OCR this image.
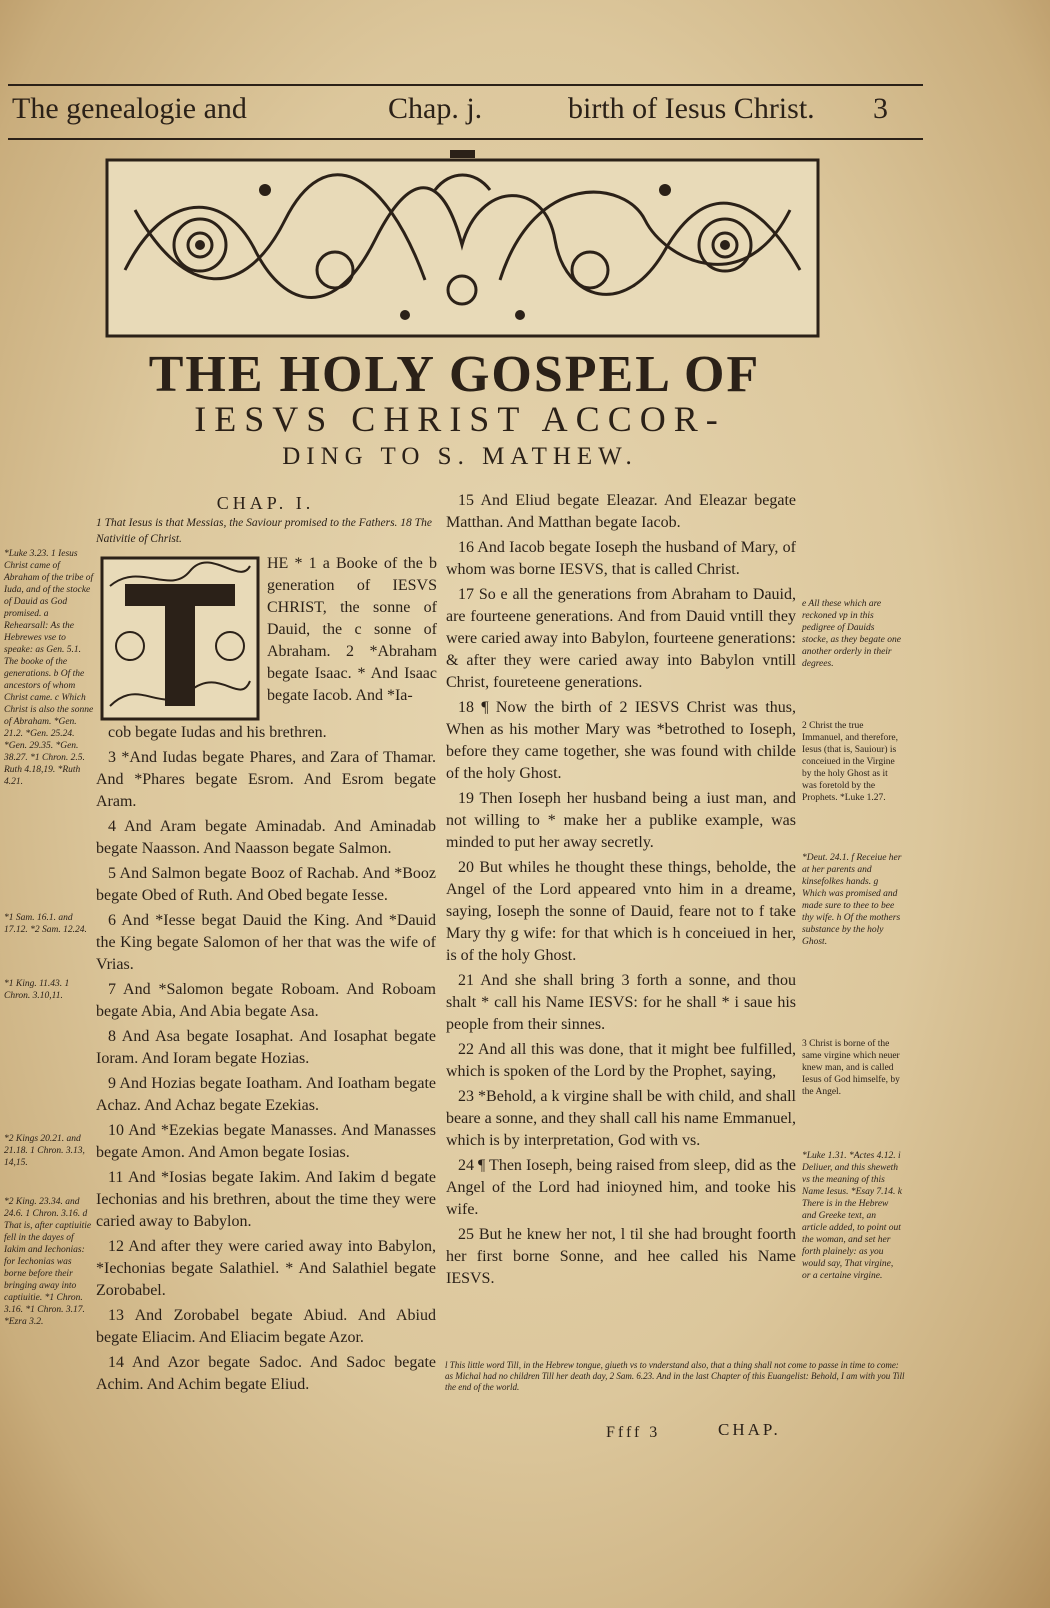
The genealogie and	Chap. j.	birth of Iesus Christ. 3
THE HOLY GOSPEL OF
IESVS CHRIST ACCOR-
DING TO S. MATHEW.
CHAP. I.
1 That Iesus is that Messias, the Saviour promised to the Fathers. 18 The Nativitie of Christ.
HE * 1 a Booke of the b generation of IESVS CHRIST, the sonne of Dauid, the c sonne of Abraham. 2 *Abraham begate Isaac. * And Isaac begate Iacob. And *Ia-

cob begate Iudas and his brethren.

3 *And Iudas begate Phares, and Zara of Thamar. And *Phares begate Esrom. And Esrom begate Aram.

4 And Aram begate Aminadab. And Aminadab begate Naasson. And Naasson begate Salmon.

5 And Salmon begate Booz of Rachab. And *Booz begate Obed of Ruth. And Obed begate Iesse.

6 And *Iesse begat Dauid the King. And *Dauid the King begate Salomon of her that was the wife of Vrias.

7 And *Salomon begate Roboam. And Roboam begate Abia, And Abia begate Asa.

8 And Asa begate Iosaphat. And Iosaphat begate Ioram. And Ioram begate Hozias.

9 And Hozias begate Ioatham. And Ioatham begate Achaz. And Achaz begate Ezekias.

10 And *Ezekias begate Manasses. And Manasses begate Amon. And Amon begate Iosias.

11 And *Iosias begate Iakim. And Iakim d begate Iechonias and his brethren, about the time they were caried away to Babylon.

12 And after they were caried away into Babylon, *Iechonias begate Salathiel. * And Salathiel begate Zorobabel.

13 And Zorobabel begate Abiud. And Abiud begate Eliacim. And Eliacim begate Azor.

14 And Azor begate Sadoc. And Sadoc begate Achim. And Achim begate Eliud.

15 And Eliud begate Eleazar. And Eleazar begate Matthan. And Matthan begate Iacob.

16 And Iacob begate Ioseph the husband of Mary, of whom was borne IESVS, that is called Christ.

17 So e all the generations from Abraham to Dauid, are fourteene generations. And from Dauid vntill they were caried away into Babylon, fourteene generations: & after they were caried away into Babylon vntill Christ, foureteene generations.

18 ¶ Now the birth of 2 IESVS Christ was thus, When as his mother Mary was *betrothed to Ioseph, before they came together, she was found with childe of the holy Ghost.

19 Then Ioseph her husband being a iust man, and not willing to * make her a publike example, was minded to put her away secretly.

20 But whiles he thought these things, beholde, the Angel of the Lord appeared vnto him in a dreame, saying, Ioseph the sonne of Dauid, feare not to f take Mary thy g wife: for that which is h conceiued in her, is of the holy Ghost.

21 And she shall bring 3 forth a sonne, and thou shalt * call his Name IESVS: for he shall * i saue his people from their sinnes.

22 And all this was done, that it might bee fulfilled, which is spoken of the Lord by the Prophet, saying,

23 *Behold, a k virgine shall be with child, and shall beare a sonne, and they shall call his name Emmanuel, which is by interpretation, God with vs.

24 ¶ Then Ioseph, being raised from sleep, did as the Angel of the Lord had inioyned him, and tooke his wife.

25 But he knew her not, l til she had brought foorth her first borne Sonne, and hee called his Name IESVS.

*Luke 3.23. 1 Iesus Christ came of Abraham of the tribe of Iuda, and of the stocke of Dauid as God promised. a Rehearsall: As the Hebrewes vse to speake: as Gen. 5.1. The booke of the generations. b Of the ancestors of whom Christ came. c Which Christ is also the sonne of Abraham. *Gen. 21.2. *Gen. 25.24. *Gen. 29.35. *Gen. 38.27. *1 Chron. 2.5. Ruth 4.18,19. *Ruth 4.21.
*1 Sam. 16.1. and 17.12. *2 Sam. 12.24.
*1 King. 11.43. 1 Chron. 3.10,11.
*2 Kings 20.21. and 21.18. 1 Chron. 3.13, 14,15.
*2 King. 23.34. and 24.6. 1 Chron. 3.16. d That is, after captiuitie fell in the dayes of Iakim and Iechonias: for Iechonias was borne before their bringing away into captiuitie. *1 Chron. 3.16. *1 Chron. 3.17. *Ezra 3.2.
e All these which are reckoned vp in this pedigree of Dauids stocke, as they begate one another orderly in their degrees.
2 Christ the true Immanuel, and therefore, Iesus (that is, Sauiour) is conceiued in the Virgine by the holy Ghost as it was foretold by the Prophets. *Luke 1.27.
*Deut. 24.1. f Receiue her at her parents and kinsefolkes hands. g Which was promised and made sure to thee to bee thy wife. h Of the mothers substance by the holy Ghost.
3 Christ is borne of the same virgine which neuer knew man, and is called Iesus of God himselfe, by the Angel.
*Luke 1.31. *Actes 4.12. i Deliuer, and this sheweth vs the meaning of this Name Iesus. *Esay 7.14. k There is in the Hebrew and Greeke text, an article added, to point out the woman, and set her forth plainely: as you would say, That virgine, or a certaine virgine.
l This little word Till, in the Hebrew tongue, giueth vs to vnderstand also, that a thing shall not come to passe in time to come: as Michal had no children Till her death day, 2 Sam. 6.23. And in the last Chapter of this Euangelist: Behold, I am with you Till the end of the world.
Ffff 3	CHAP.
